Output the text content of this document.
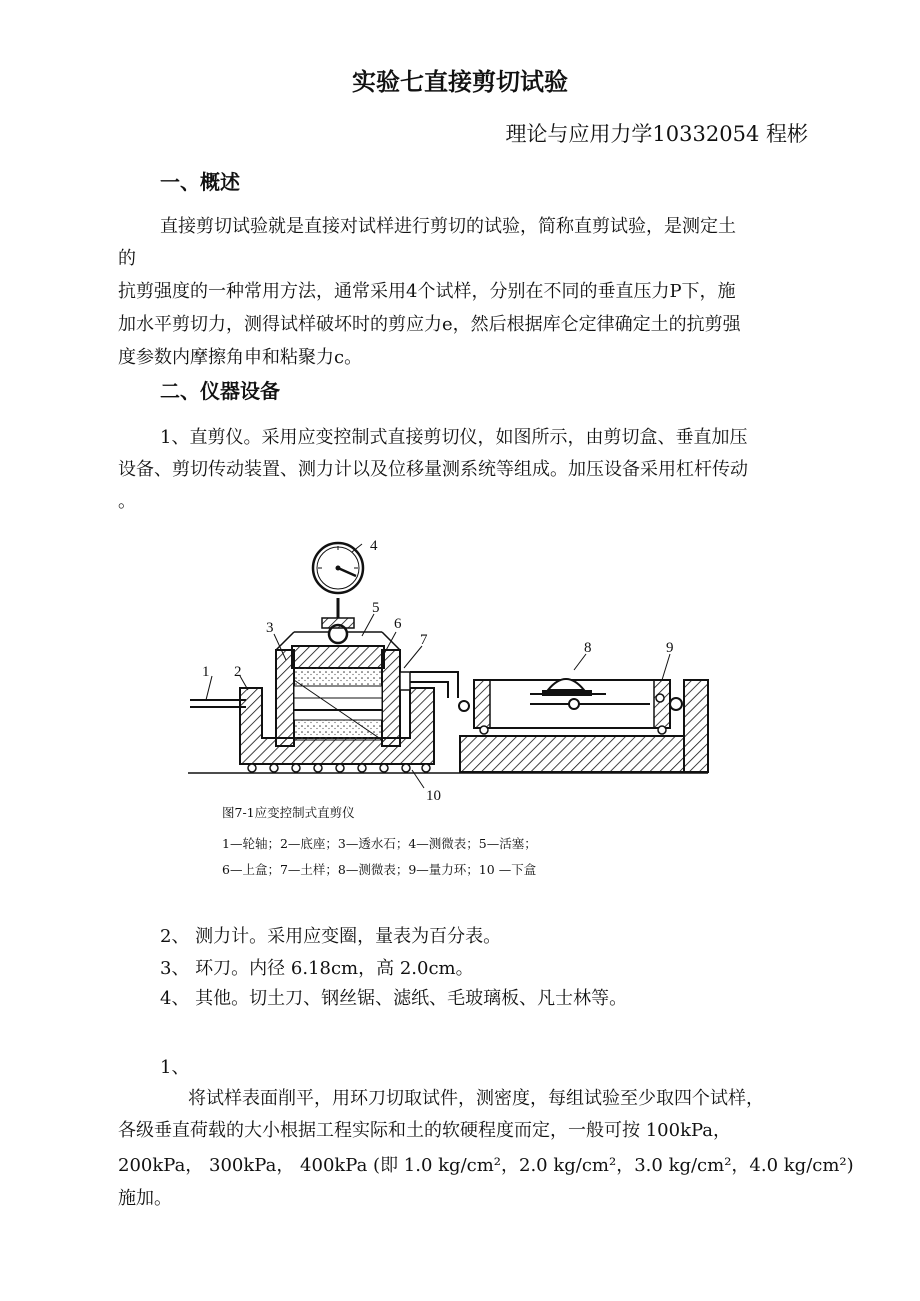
实验七直接剪切试验
理论与应用力学10332054 程彬
一、概述
直接剪切试验就是直接对试样进行剪切的试验，简称直剪试验，是测定土
的
抗剪强度的一种常用方法，通常采用4个试样，分别在不同的垂直压力P下，施
加水平剪切力，测得试样破坏时的剪应力e，然后根据库仑定律确定土的抗剪强
度参数内摩擦角申和粘聚力c。
二、仪器设备
1、直剪仪。采用应变控制式直接剪切仪，如图所示，由剪切盒、垂直加压
设备、剪切传动装置、测力计以及位移量测系统等组成。加压设备采用杠杆传动
。
1 2
3
4
5
6
7	8	9
10
图7-1应变控制式直剪仪
1—轮轴；2—底座；3—透水石；4—测微表；5—活塞；
6—上盒；7—土样；8—测微表；9—量力环；10 —下盒
2、 测力计。采用应变圈，量表为百分表。
3、 环刀。内径 6.18cm，高 2.0cm。
4、 其他。切土刀、钢丝锯、滤纸、毛玻璃板、凡士林等。
1、
将试样表面削平，用环刀切取试件，测密度，每组试验至少取四个试样，
各级垂直荷载的大小根据工程实际和土的软硬程度而定，一般可按 100kPa，
200kPa， 300kPa， 400kPa (即 1.0 kg/cm²，2.0 kg/cm²，3.0 kg/cm²，4.0 kg/cm²)
施加。
